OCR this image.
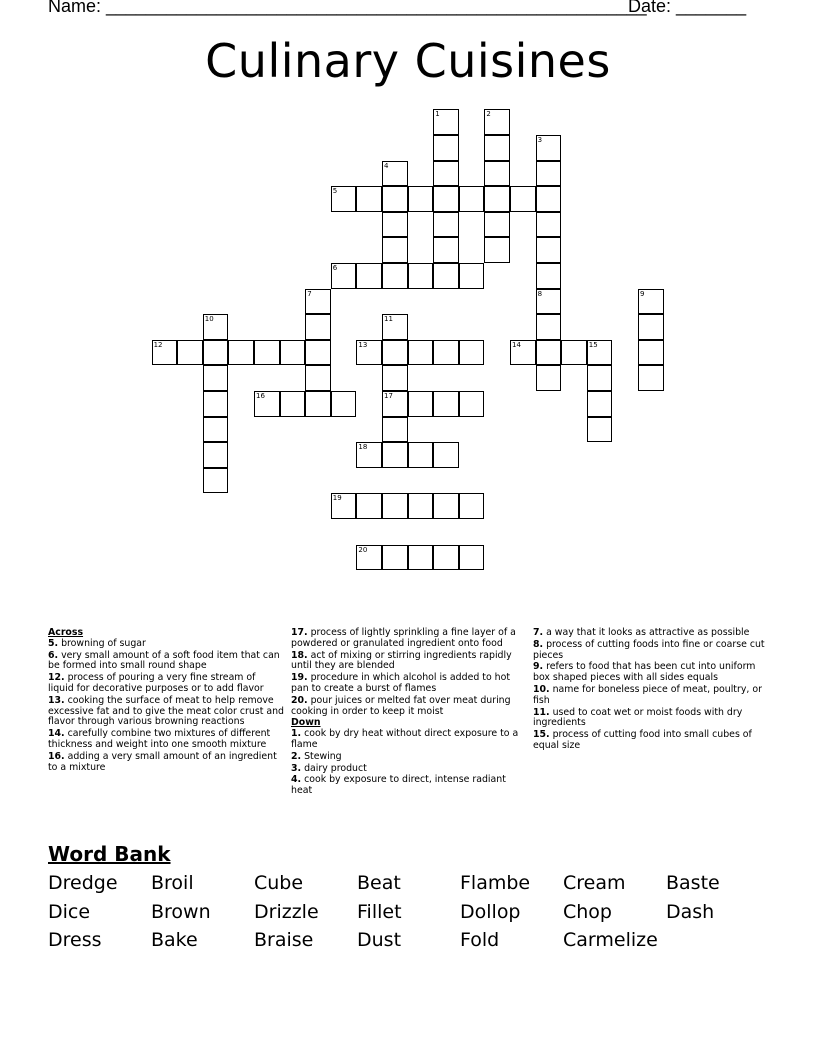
Name: ______________________________________________________
Date: _______
Culinary Cuisines
1	2
3
4
5
6
7	8	9
10	11
17
12	13	14	15
16
18
19
20
Across
5. browning of sugar
6. very small amount of a soft food item that can be formed into small round shape
12. process of pouring a very fine stream of liquid for decorative purposes or to add flavor
13. cooking the surface of meat to help remove excessive fat and to give the meat color crust and flavor through various browning reactions
14. carefully combine two mixtures of different thickness and weight into one smooth mixture
16. adding a very small amount of an ingredient to a mixture
17. process of lightly sprinkling a fine layer of a powdered or granulated ingredient onto food
18. act of mixing or stirring ingredients rapidly until they are blended
19. procedure in which alcohol is added to hot pan to create a burst of flames
20. pour juices or melted fat over meat during cooking in order to keep it moist
Down
1. cook by dry heat without direct exposure to a flame
2. Stewing
3. dairy product
4. cook by exposure to direct, intense radiant heat
7. a way that it looks as attractive as possible
8. process of cutting foods into fine or coarse cut pieces
9. refers to food that has been cut into uniform box shaped pieces with all sides equals
10. name for boneless piece of meat, poultry, or fish
11. used to coat wet or moist foods with dry ingredients
15. process of cutting food into small cubes of equal size
Word Bank
Dredge Broil	Cube	Beat	Flambe Cream Baste
Dice	Brown Drizzle Fillet	Dollop Chop	Dash
Dress	Bake	Braise Dust	Fold	Carmelize
